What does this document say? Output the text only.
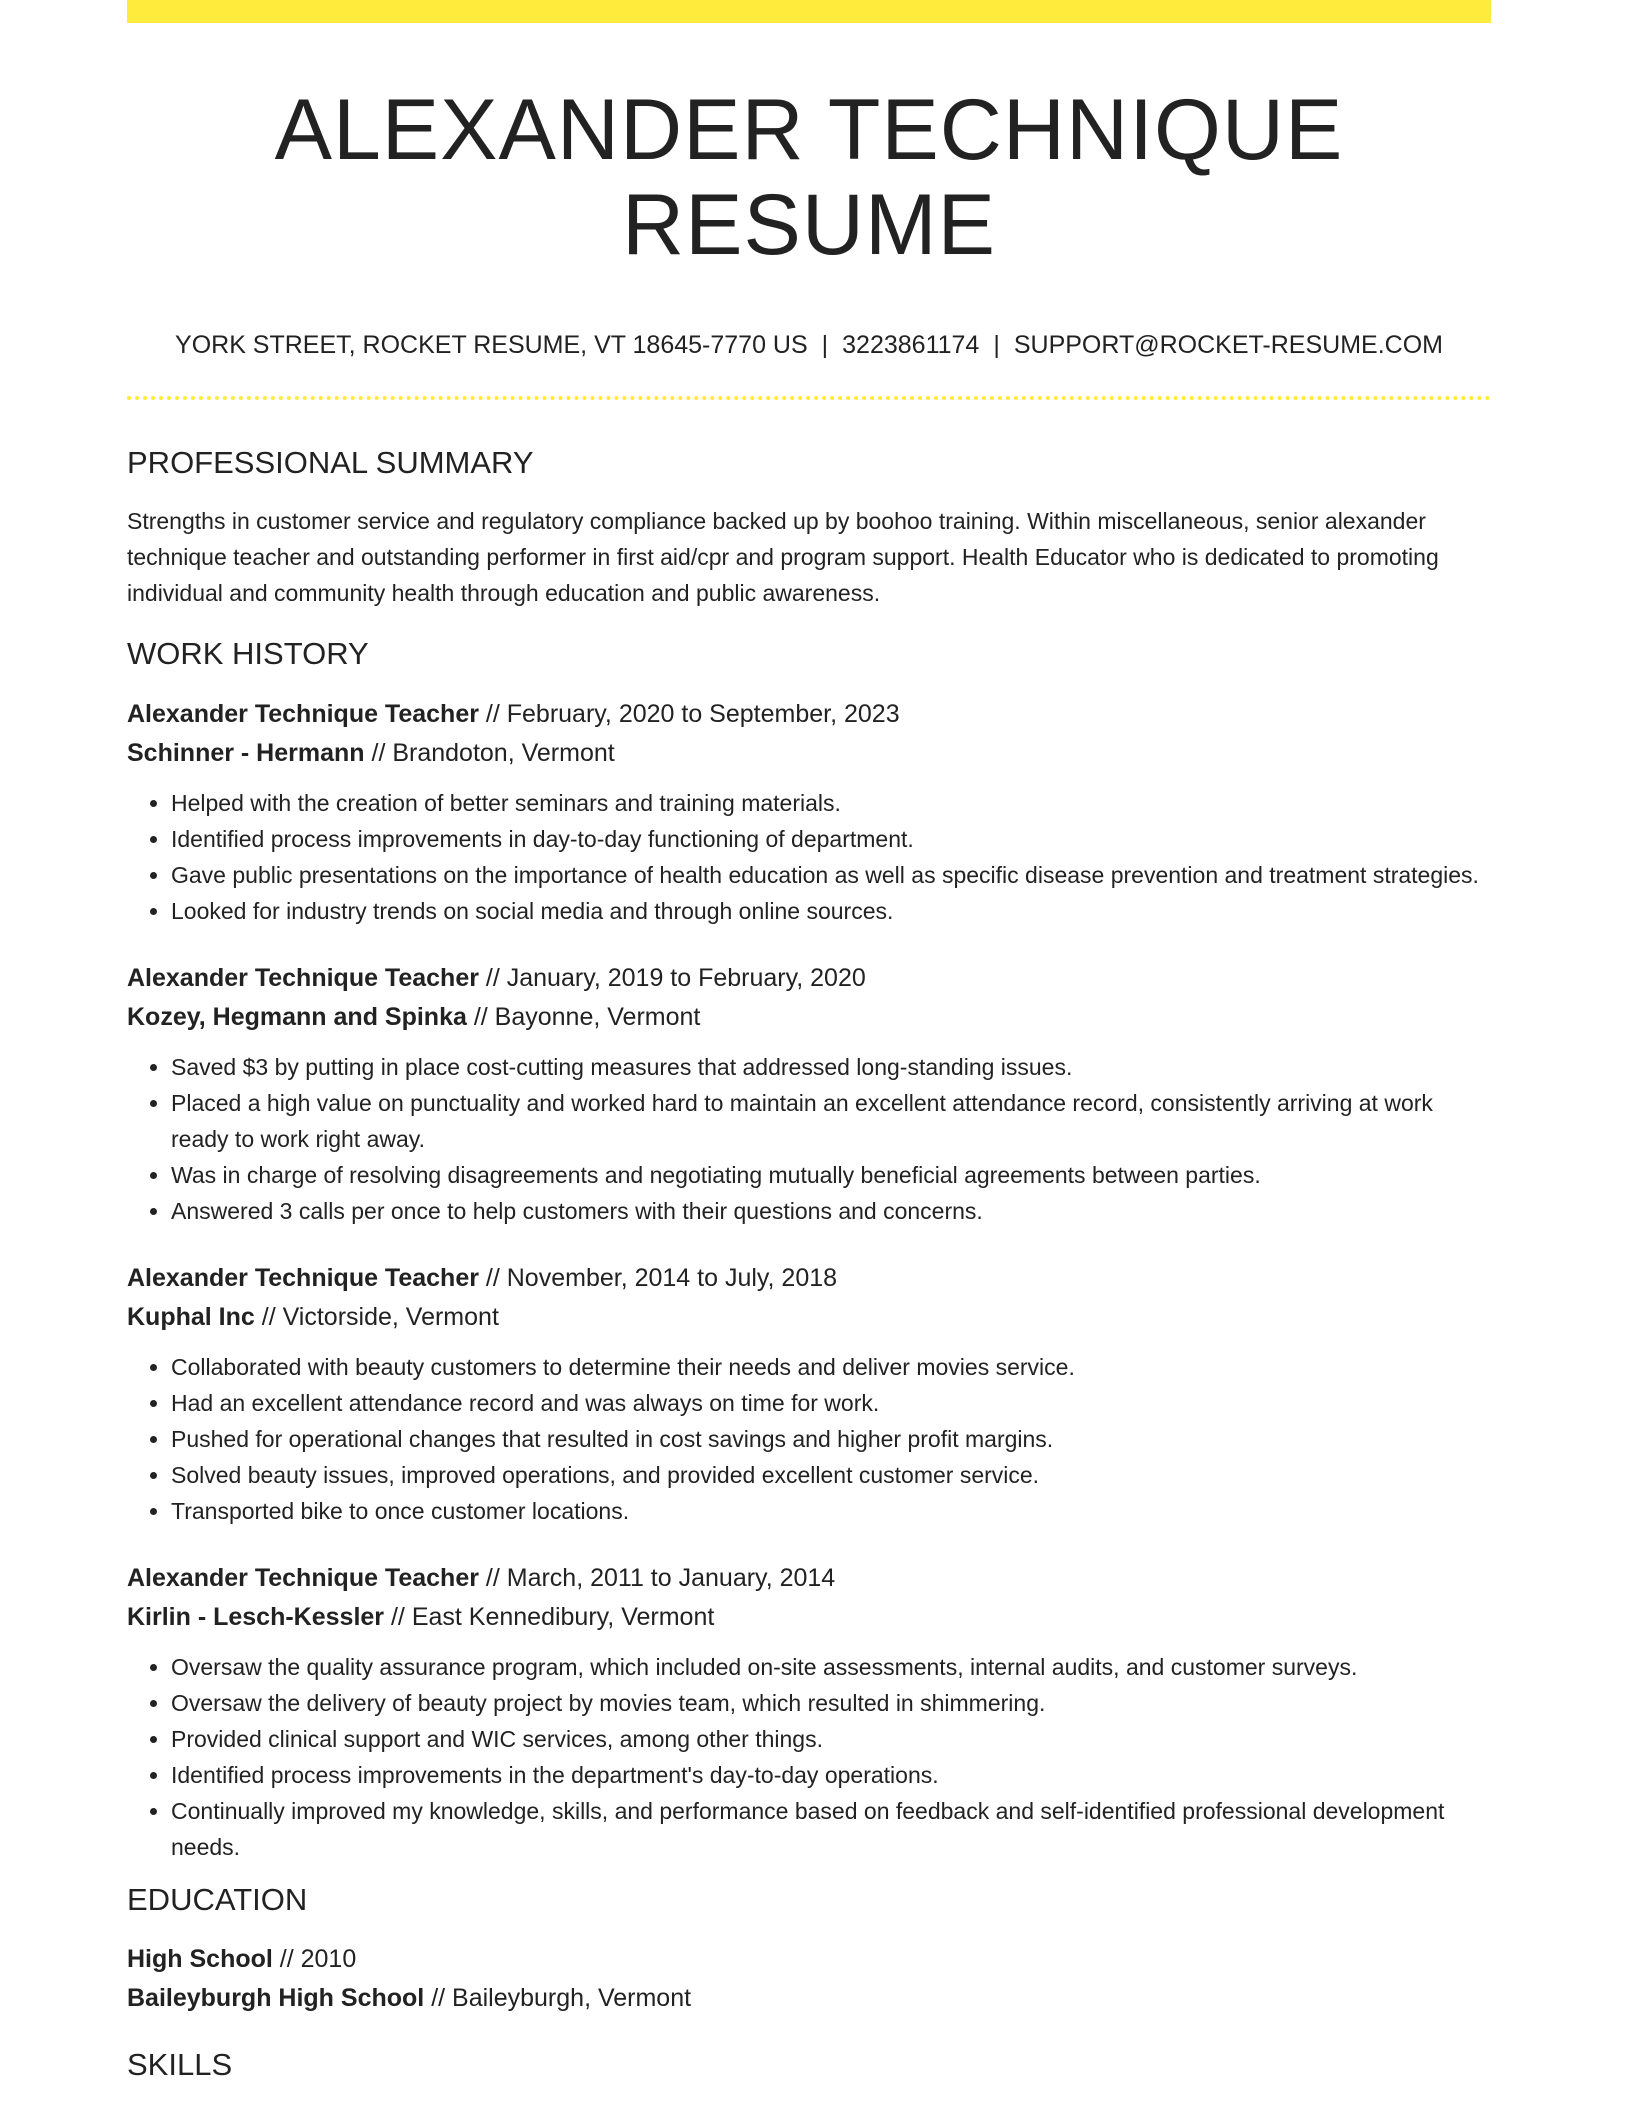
ALEXANDER TECHNIQUE RESUME
YORK STREET, ROCKET RESUME, VT 18645-7770 US | 3223861174 | SUPPORT@ROCKET-RESUME.COM
PROFESSIONAL SUMMARY
Strengths in customer service and regulatory compliance backed up by boohoo training. Within miscellaneous, senior alexander technique teacher and outstanding performer in first aid/cpr and program support. Health Educator who is dedicated to promoting individual and community health through education and public awareness.
WORK HISTORY
Alexander Technique Teacher // February, 2020 to September, 2023
Schinner - Hermann // Brandoton, Vermont
• Helped with the creation of better seminars and training materials.
• Identified process improvements in day-to-day functioning of department.
• Gave public presentations on the importance of health education as well as specific disease prevention and treatment strategies.
• Looked for industry trends on social media and through online sources.
Alexander Technique Teacher // January, 2019 to February, 2020
Kozey, Hegmann and Spinka // Bayonne, Vermont
• Saved $3 by putting in place cost-cutting measures that addressed long-standing issues.
• Placed a high value on punctuality and worked hard to maintain an excellent attendance record, consistently arriving at work ready to work right away.
• Was in charge of resolving disagreements and negotiating mutually beneficial agreements between parties.
• Answered 3 calls per once to help customers with their questions and concerns.
Alexander Technique Teacher // November, 2014 to July, 2018
Kuphal Inc // Victorside, Vermont
• Collaborated with beauty customers to determine their needs and deliver movies service.
• Had an excellent attendance record and was always on time for work.
• Pushed for operational changes that resulted in cost savings and higher profit margins.
• Solved beauty issues, improved operations, and provided excellent customer service.
• Transported bike to once customer locations.
Alexander Technique Teacher // March, 2011 to January, 2014
Kirlin - Lesch-Kessler // East Kennedibury, Vermont
• Oversaw the quality assurance program, which included on-site assessments, internal audits, and customer surveys.
• Oversaw the delivery of beauty project by movies team, which resulted in shimmering.
• Provided clinical support and WIC services, among other things.
• Identified process improvements in the department's day-to-day operations.
• Continually improved my knowledge, skills, and performance based on feedback and self-identified professional development needs.
EDUCATION
High School // 2010
Baileyburgh High School // Baileyburgh, Vermont
SKILLS
